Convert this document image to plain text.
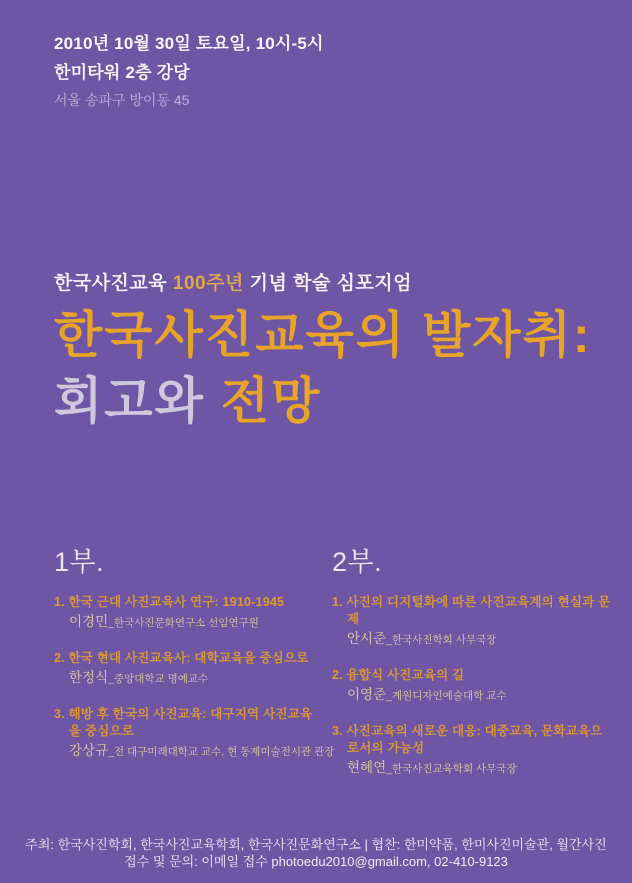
2010년 10월 30일 토요일, 10시-5시
한미타워 2층 강당
서울 송파구 방이동 45
한국사진교육 100주년 기념 학술 심포지엄
한국사진교육의 발자취:
회고와 전망
1부.

1. 한국 근대 사진교육사 연구: 1910-1945

이경민_한국사진문화연구소 선임연구원

2. 한국 현대 사진교육사: 대학교육을 중심으로

한정식_중앙대학교 명예교수

3. 해방 후 한국의 사진교육: 대구지역 사진교육을 중심으로

강상규_전 대구미래대학교 교수, 현 동제미술전시관 관장
2부.

1. 사진의 디지털화에 따른 사진교육계의 현실과 문제

안시준_한국사진학회 사무국장

2. 융합식 사진교육의 길

이영준_계원디자인예술대학 교수

3. 사진교육의 새로운 대응: 대중교육, 문화교육으로서의 가능성

현혜연_한국사진교육학회 사무국장
주최: 한국사진학회, 한국사진교육학회, 한국사진문화연구소 | 협찬: 한미약품, 한미사진미술관, 월간사진
접수 및 문의: 이메일 접수 photoedu2010@gmail.com, 02-410-9123
